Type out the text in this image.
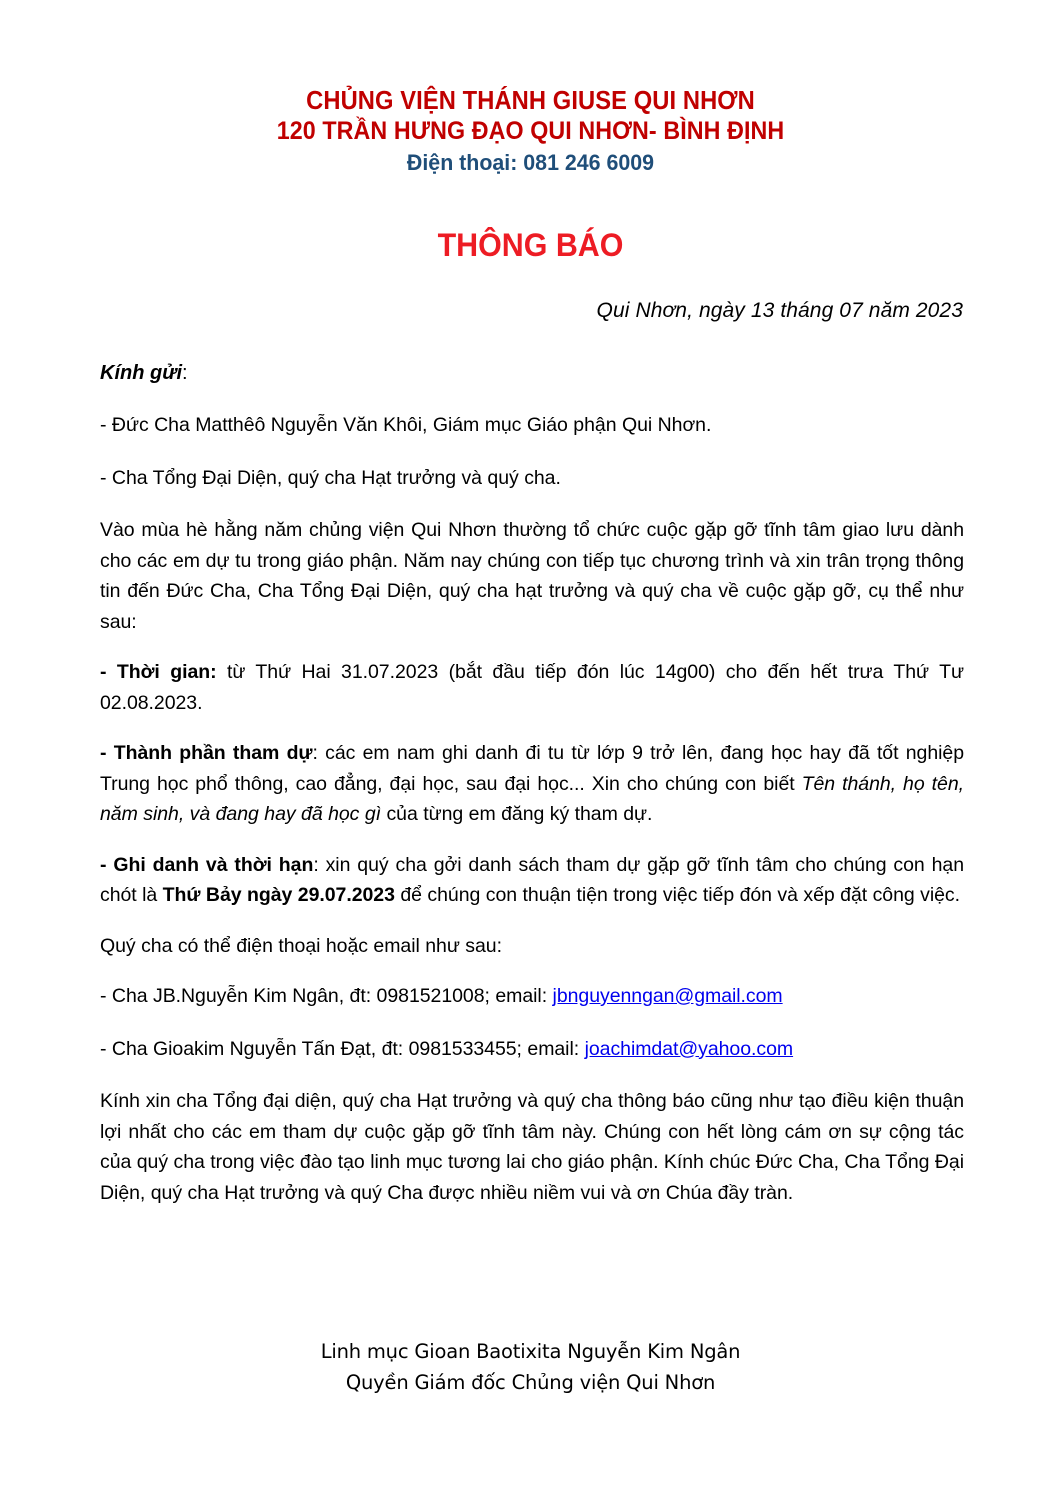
CHỦNG VIỆN THÁNH GIUSE QUI NHƠN
120 TRẦN HƯNG ĐẠO QUI NHƠN- BÌNH ĐỊNH
Điện thoại: 081 246 6009
THÔNG BÁO
Qui Nhơn, ngày 13 tháng 07 năm 2023
Kính gửi:

- Đức Cha Matthêô Nguyễn Văn Khôi, Giám mục Giáo phận Qui Nhơn.

- Cha Tổng Đại Diện, quý cha Hạt trưởng và quý cha.

Vào mùa hè hằng năm chủng viện Qui Nhơn thường tổ chức cuộc gặp gỡ tĩnh tâm giao lưu dành cho các em dự tu trong giáo phận. Năm nay chúng con tiếp tục chương trình và xin trân trọng thông tin đến Đức Cha, Cha Tổng Đại Diện, quý cha hạt trưởng và quý cha về cuộc gặp gỡ, cụ thể như sau:

- Thời gian: từ Thứ Hai 31.07.2023 (bắt đầu tiếp đón lúc 14g00) cho đến hết trưa Thứ Tư 02.08.2023.

- Thành phần tham dự: các em nam ghi danh đi tu từ lớp 9 trở lên, đang học hay đã tốt nghiệp Trung học phổ thông, cao đẳng, đại học, sau đại học... Xin cho chúng con biết Tên thánh, họ tên, năm sinh, và đang hay đã học gì của từng em đăng ký tham dự.

- Ghi danh và thời hạn: xin quý cha gởi danh sách tham dự gặp gỡ tĩnh tâm cho chúng con hạn chót là Thứ Bảy ngày 29.07.2023 để chúng con thuận tiện trong việc tiếp đón và xếp đặt công việc.

Quý cha có thể điện thoại hoặc email như sau:

- Cha JB.Nguyễn Kim Ngân, đt: 0981521008; email: jbnguyenngan@gmail.com

- Cha Gioakim Nguyễn Tấn Đạt, đt: 0981533455; email: joachimdat@yahoo.com

Kính xin cha Tổng đại diện, quý cha Hạt trưởng và quý cha thông báo cũng như tạo điều kiện thuận lợi nhất cho các em tham dự cuộc gặp gỡ tĩnh tâm này. Chúng con hết lòng cám ơn sự cộng tác của quý cha trong việc đào tạo linh mục tương lai cho giáo phận. Kính chúc Đức Cha, Cha Tổng Đại Diện, quý cha Hạt trưởng và quý Cha được nhiều niềm vui và ơn Chúa đầy tràn.

Linh mục Gioan Baotixita Nguyễn Kim Ngân
Quyền Giám đốc Chủng viện Qui Nhơn
